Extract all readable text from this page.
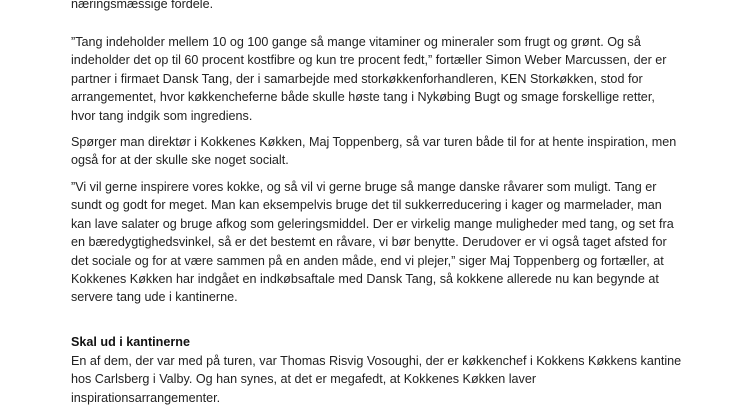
næringsmæssige fordele.

”Tang indeholder mellem 10 og 100 gange så mange vitaminer og mineraler som frugt og grønt. Og så
indeholder det op til 60 procent kostfibre og kun tre procent fedt,” fortæller Simon Weber Marcussen, der er
partner i firmaet Dansk Tang, der i samarbejde med storkøkkenforhandleren, KEN Storkøkken, stod for
arrangementet, hvor køkkencheferne både skulle høste tang i Nykøbing Bugt og smage forskellige retter,
hvor tang indgik som ingrediens.

Spørger man direktør i Kokkenes Køkken, Maj Toppenberg, så var turen både til for at hente inspiration, men
også for at der skulle ske noget socialt.

”Vi vil gerne inspirere vores kokke, og så vil vi gerne bruge så mange danske råvarer som muligt. Tang er
sundt og godt for meget. Man kan eksempelvis bruge det til sukkerreducering i kager og marmelader, man
kan lave salater og bruge afkog som geleringsmiddel. Der er virkelig mange muligheder med tang, og set fra
en bæredygtighedsvinkel, så er det bestemt en råvare, vi bør benytte. Derudover er vi også taget afsted for
det sociale og for at være sammen på en anden måde, end vi plejer,” siger Maj Toppenberg og fortæller, at
Kokkenes Køkken har indgået en indkøbsaftale med Dansk Tang, så kokkene allerede nu kan begynde at
servere tang ude i kantinerne.

Skal ud i kantinerne

En af dem, der var med på turen, var Thomas Risvig Vosoughi, der er køkkenchef i Kokkens Køkkens kantine
hos Carlsberg i Valby. Og han synes, at det er megafedt, at Kokkenes Køkken laver
inspirationsarrangementer.
